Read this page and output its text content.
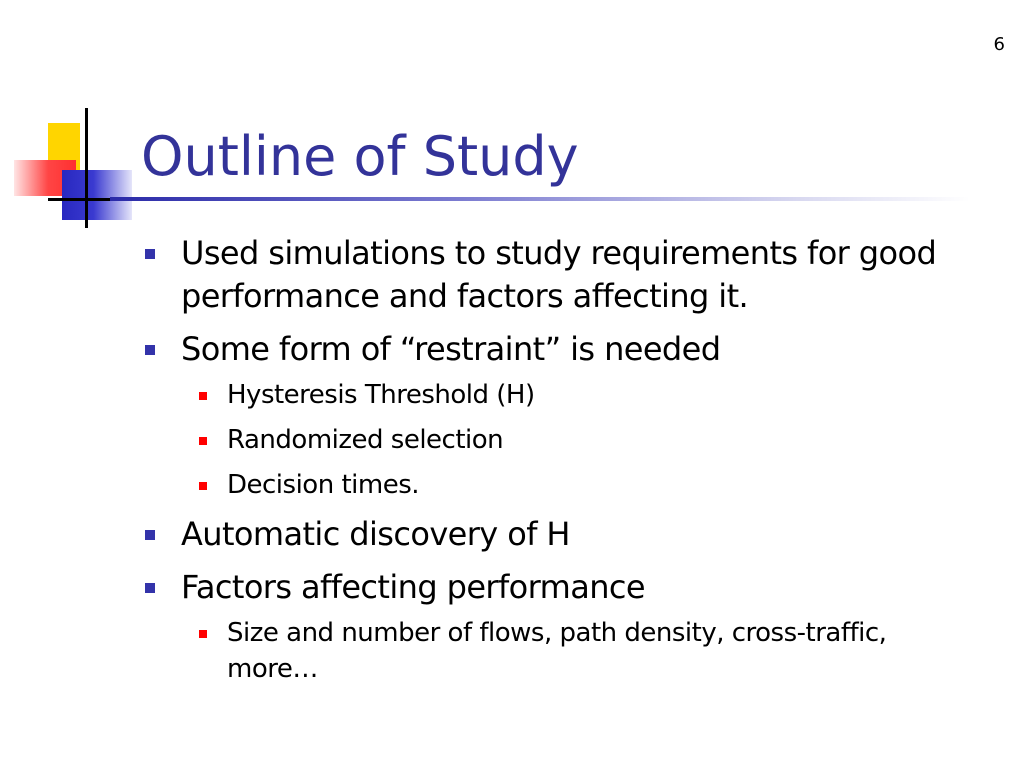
6
Outline of Study
Used simulations to study requirements for good performance and factors affecting it.
Some form of “restraint” is needed
Hysteresis Threshold (H)
Randomized selection
Decision times.
Automatic discovery of H
Factors affecting performance
Size and number of flows, path density, cross-traffic, more…
